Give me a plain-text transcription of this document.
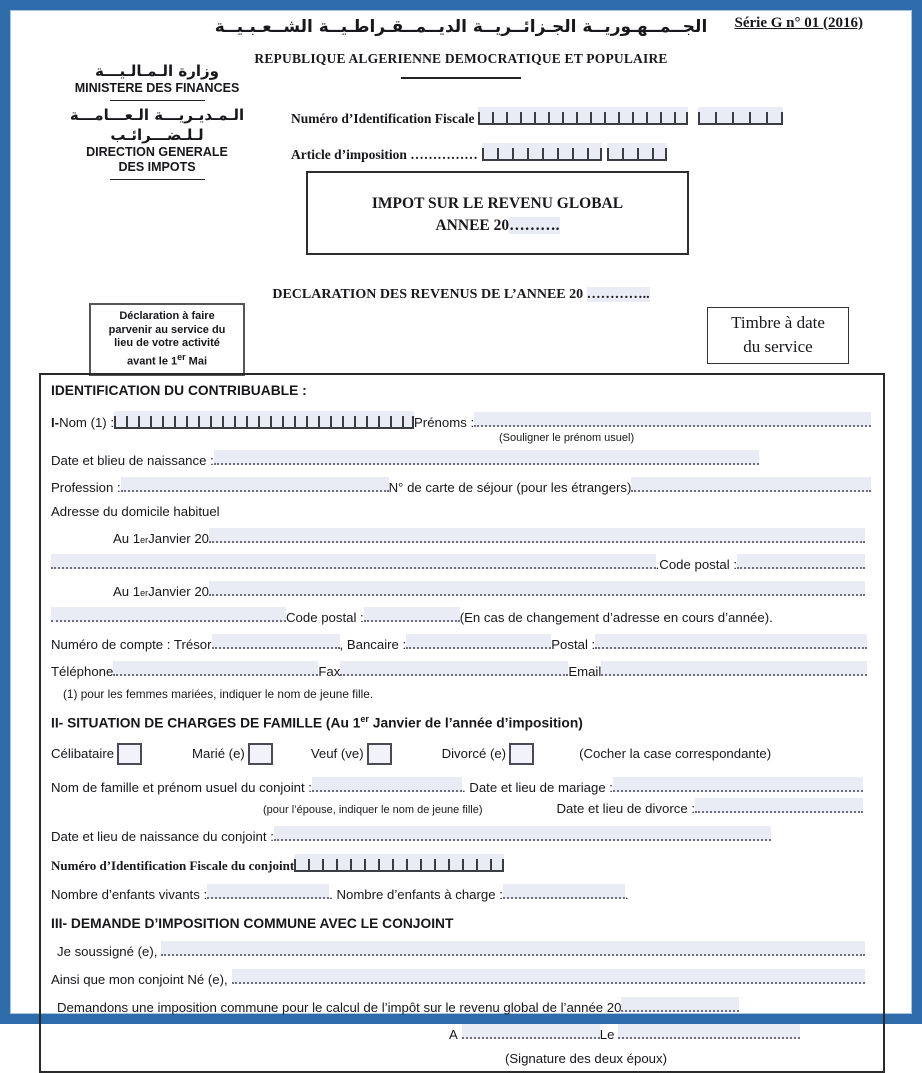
Série G n° 01 (2016)
الجــمــهـوريــة الجـزائــريــة الديــمــقـراطـيــة الشــعـبـيــة
REPUBLIQUE ALGERIENNE DEMOCRATIQUE ET POPULAIRE
وزارة الـمـالـيـــة
MINISTERE DES FINANCES
الـمـديـريـــة الـعـــامـــة
لـلـضـــرائـب
DIRECTION GENERALE
DES IMPOTS
Numéro d’Identification Fiscale
Article d’imposition ……………
IMPOT SUR LE REVENU GLOBAL
ANNEE 20……….
DECLARATION DES REVENUS DE L’ANNEE 20 …………..
Déclaration à faire
parvenir au service du
lieu de votre activité
avant le 1er Mai
Timbre à date
du service
IDENTIFICATION DU CONTRIBUABLE :
I- Nom (1) :	Prénoms :
(Souligner le prénom usuel)
Date et blieu de naissance :
Profession :	N° de carte de séjour (pour les étrangers)
Adresse du domicile habituel
Au 1 er Janvier 20
.Code postal :
Au 1 er Janvier 20
Code postal :	(En cas de changement d’adresse en cours d’année).
Numéro de compte : Trésor	, Bancaire :	Postal :
Téléphone	Fax	Email
(1) pour les femmes mariées, indiquer le nom de jeune fille.
II- SITUATION DE CHARGES DE FAMILLE (Au 1er Janvier de l’année d’imposition)
Célibataire	Marié (e)	Veuf (ve)	Divorcé (e)	(Cocher la case correspondante)
Nom de famille et prénom usuel du conjoint :	. Date et lieu de mariage :
(pour l’épouse, indiquer le nom de jeune fille)	Date et lieu de divorce :
Date et lieu de naissance du conjoint :
Numéro d’Identification Fiscale du conjoint
Nombre d’enfants vivants :	. Nombre d’enfants à charge :	.
III- DEMANDE D’IMPOSITION COMMUNE AVEC LE CONJOINT
Je soussigné (e),
Ainsi que mon conjoint Né (e),
Demandons une imposition commune pour le calcul de l’impôt sur le revenu global de l’année 20
A	Le
(Signature des deux époux)
